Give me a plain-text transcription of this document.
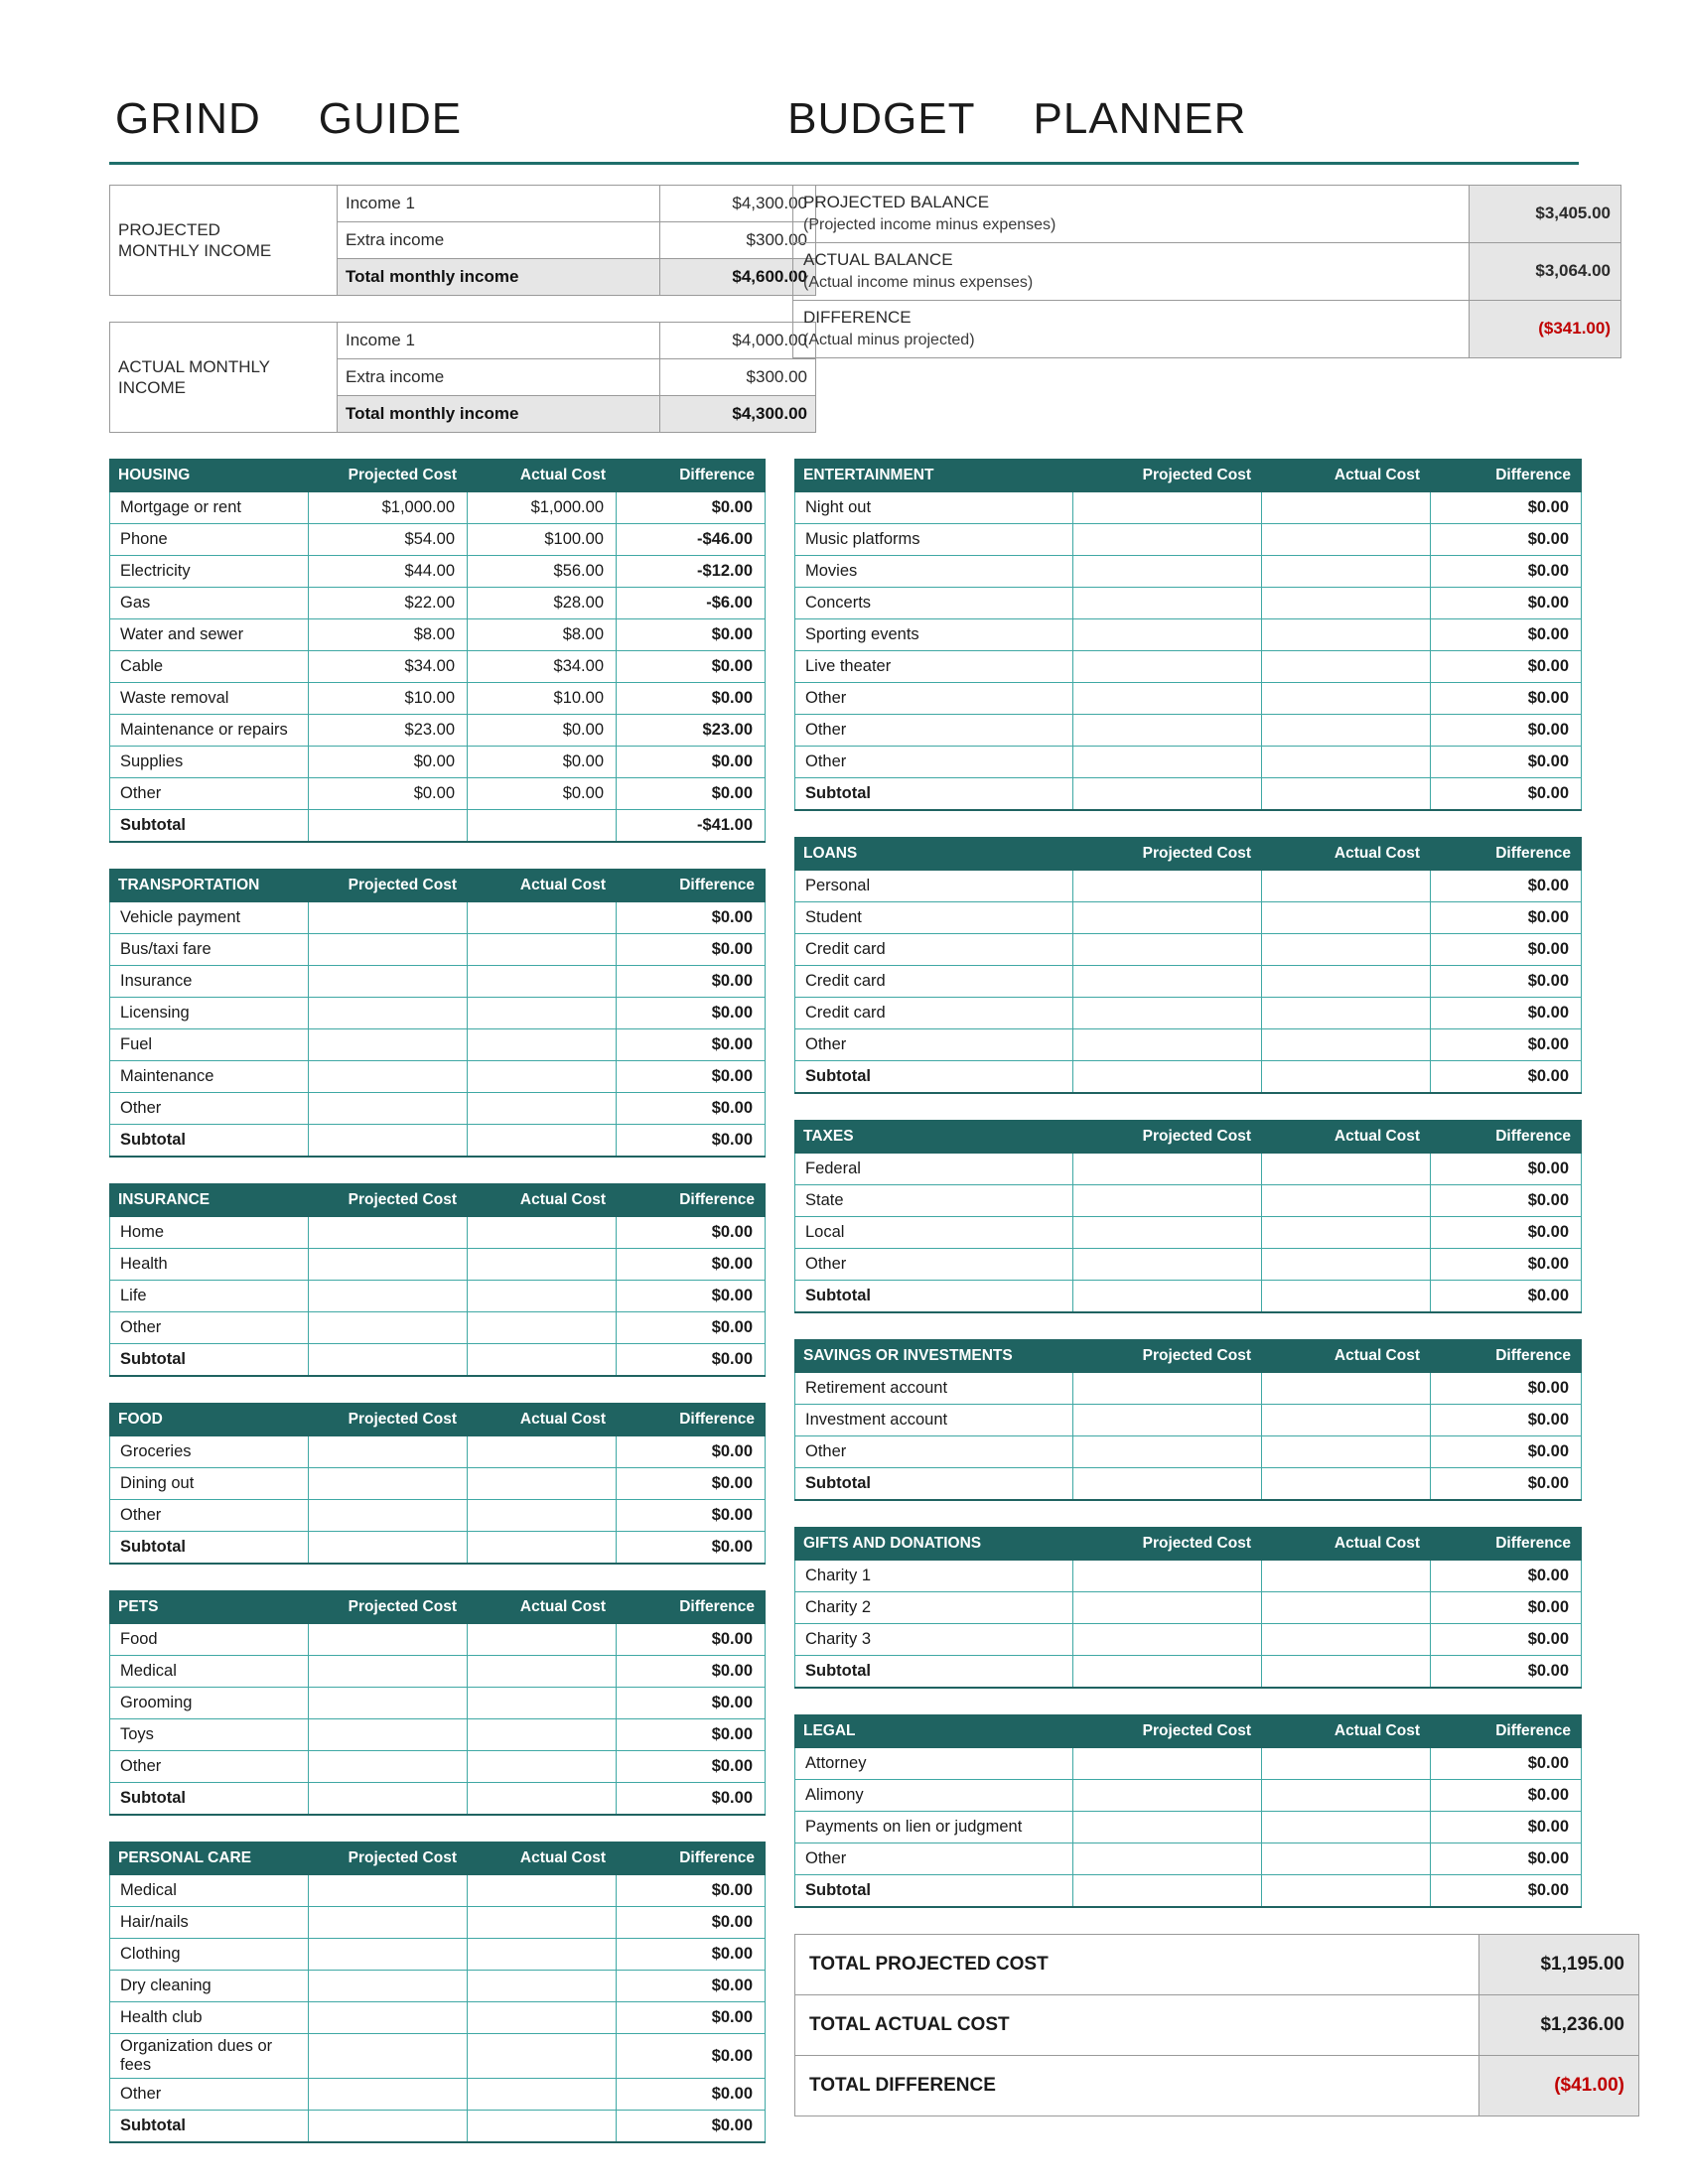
GRIND GUIDE	BUDGET PLANNER
PROJECTED
MONTHLY INCOME	Income 1	$4,300.00
	Extra income	$300.00
	Total monthly income	$4,600.00
ACTUAL MONTHLY
INCOME	Income 1	$4,000.00
	Extra income	$300.00
	Total monthly income	$4,300.00
PROJECTED BALANCE
(Projected income minus expenses)	$3,405.00
ACTUAL BALANCE
(Actual income minus expenses)	$3,064.00
DIFFERENCE
(Actual minus projected)	($341.00)
HOUSING	Projected Cost	Actual Cost	Difference
Mortgage or rent	$1,000.00	$1,000.00	$0.00
Phone	$54.00	$100.00	-$46.00
Electricity	$44.00	$56.00	-$12.00
Gas	$22.00	$28.00	-$6.00
Water and sewer	$8.00	$8.00	$0.00
Cable	$34.00	$34.00	$0.00
Waste removal	$10.00	$10.00	$0.00
Maintenance or repairs	$23.00	$0.00	$23.00
Supplies	$0.00	$0.00	$0.00
Other	$0.00	$0.00	$0.00
Subtotal			-$41.00
TRANSPORTATION	Projected Cost	Actual Cost	Difference
Vehicle payment			$0.00
Bus/taxi fare			$0.00
Insurance			$0.00
Licensing			$0.00
Fuel			$0.00
Maintenance			$0.00
Other			$0.00
Subtotal			$0.00
INSURANCE	Projected Cost	Actual Cost	Difference
Home			$0.00
Health			$0.00
Life			$0.00
Other			$0.00
Subtotal			$0.00
FOOD	Projected Cost	Actual Cost	Difference
Groceries			$0.00
Dining out			$0.00
Other			$0.00
Subtotal			$0.00
PETS	Projected Cost	Actual Cost	Difference
Food			$0.00
Medical			$0.00
Grooming			$0.00
Toys			$0.00
Other			$0.00
Subtotal			$0.00
PERSONAL CARE	Projected Cost	Actual Cost	Difference
Medical			$0.00
Hair/nails			$0.00
Clothing			$0.00
Dry cleaning			$0.00
Health club			$0.00
Organization dues or fees			$0.00
Other			$0.00
Subtotal			$0.00
ENTERTAINMENT	Projected Cost	Actual Cost	Difference
Night out			$0.00
Music platforms			$0.00
Movies			$0.00
Concerts			$0.00
Sporting events			$0.00
Live theater			$0.00
Other			$0.00
Other			$0.00
Other			$0.00
Subtotal			$0.00
LOANS	Projected Cost	Actual Cost	Difference
Personal			$0.00
Student			$0.00
Credit card			$0.00
Credit card			$0.00
Credit card			$0.00
Other			$0.00
Subtotal			$0.00
TAXES	Projected Cost	Actual Cost	Difference
Federal			$0.00
State			$0.00
Local			$0.00
Other			$0.00
Subtotal			$0.00
SAVINGS OR INVESTMENTS	Projected Cost	Actual Cost	Difference
Retirement account			$0.00
Investment account			$0.00
Other			$0.00
Subtotal			$0.00
GIFTS AND DONATIONS	Projected Cost	Actual Cost	Difference
Charity 1			$0.00
Charity 2			$0.00
Charity 3			$0.00
Subtotal			$0.00
LEGAL	Projected Cost	Actual Cost	Difference
Attorney			$0.00
Alimony			$0.00
Payments on lien or judgment			$0.00
Other			$0.00
Subtotal			$0.00
TOTAL PROJECTED COST	$1,195.00
TOTAL ACTUAL COST	$1,236.00
TOTAL DIFFERENCE	($41.00)
